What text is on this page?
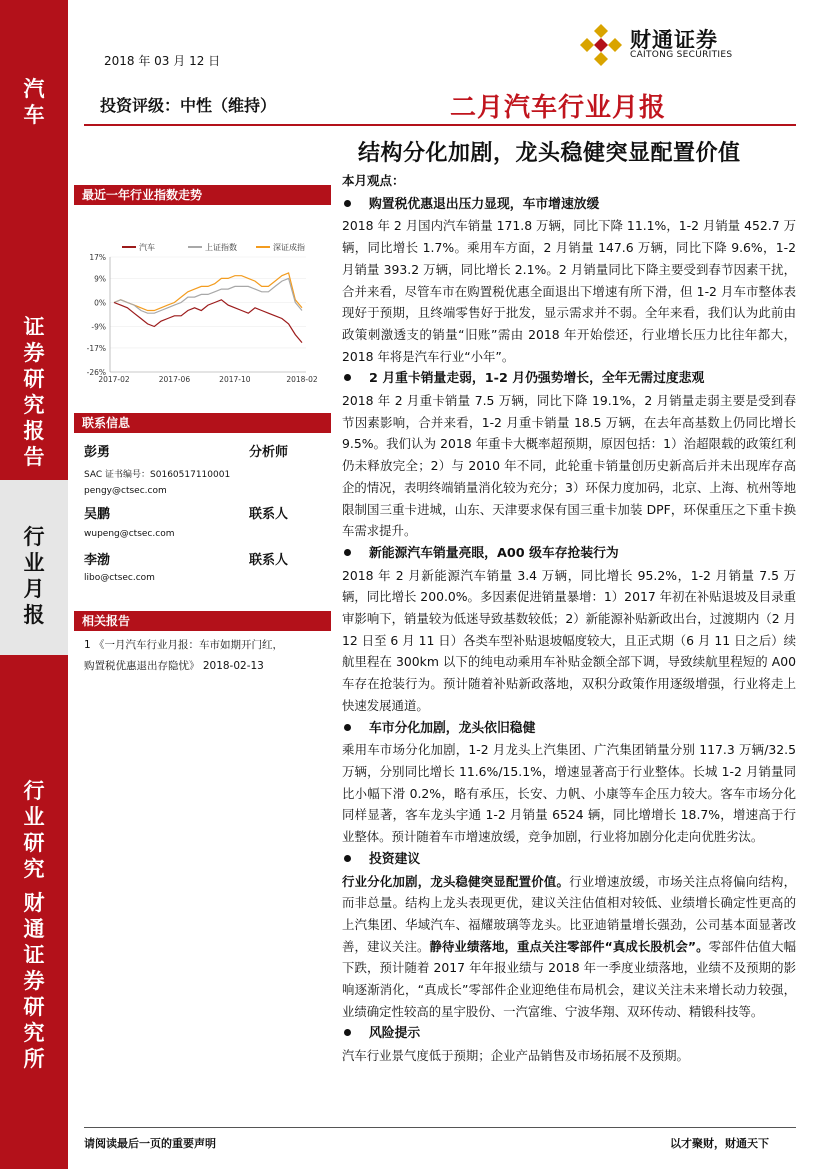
汽
车
证
券
研
究
报
告
行
业
月
报
行
业
研
究
财
通
证
券
研
究
所
2018 年 03 月 12 日
财通证券
CAITONG SECURITIES
投资评级：中性（维持）	二月汽车行业月报
结构分化加剧，龙头稳健突显配置价值
最近一年行业指数走势
汽车	上证指数	深证成指
17%
9%
0%
-9%
-17%
-26%
2017-02	2017-06	2017-10	2018-02
联系信息
彭勇	分析师
SAC 证书编号：S0160517110001
pengy@ctsec.com
吴鹏	联系人
wupeng@ctsec.com
李渤	联系人
libo@ctsec.com
相关报告
1 《一月汽车行业月报：车市如期开门红，
购置税优惠退出存隐忧》 2018-02-13
本月观点：
购置税优惠退出压力显现，车市增速放缓

2018 年 2 月国内汽车销量 171.8 万辆，同比下降 11.1%，1-2 月销量 452.7 万辆，同比增长 1.7%。乘用车方面，2 月销量 147.6 万辆，同比下降 9.6%，1-2 月销量 393.2 万辆，同比增长 2.1%。2 月销量同比下降主要受到春节因素干扰，合并来看，尽管车市在购置税优惠全面退出下增速有所下滑，但 1-2 月车市整体表现好于预期，且终端零售好于批发，显示需求并不弱。全年来看，我们认为此前由政策刺激透支的销量“旧账”需由 2018 年开始偿还，行业增长压力比往年都大，2018 年将是汽车行业“小年”。

2 月重卡销量走弱，1-2 月仍强势增长，全年无需过度悲观

2018 年 2 月重卡销量 7.5 万辆，同比下降 19.1%，2 月销量走弱主要是受到春节因素影响，合并来看，1-2 月重卡销量 18.5 万辆，在去年高基数上仍同比增长 9.5%。我们认为 2018 年重卡大概率超预期，原因包括：1）治超限载的政策红利仍未释放完全；2）与 2010 年不同，此轮重卡销量创历史新高后并未出现库存高企的情况，表明终端销量消化较为充分；3）环保力度加码，北京、上海、杭州等地限制国三重卡进城，山东、天津要求保有国三重卡加装 DPF，环保重压之下重卡换车需求提升。

新能源汽车销量亮眼，A00 级车存抢装行为

2018 年 2 月新能源汽车销量 3.4 万辆，同比增长 95.2%，1-2 月销量 7.5 万辆，同比增长 200.0%。多因素促进销量暴增：1）2017 年初在补贴退坡及目录重审影响下，销量较为低迷导致基数较低；2）新能源补贴新政出台，过渡期内（2 月 12 日至 6 月 11 日）各类车型补贴退坡幅度较大，且正式期（6 月 11 日之后）续航里程在 300km 以下的纯电动乘用车补贴金额全部下调，导致续航里程短的 A00 车存在抢装行为。预计随着补贴新政落地，双积分政策作用逐级增强，行业将走上快速发展通道。

车市分化加剧，龙头依旧稳健

乘用车市场分化加剧，1-2 月龙头上汽集团、广汽集团销量分别 117.3 万辆/32.5 万辆，分别同比增长 11.6%/15.1%，增速显著高于行业整体。长城 1-2 月销量同比小幅下滑 0.2%，略有承压，长安、力帆、小康等车企压力较大。客车市场分化同样显著，客车龙头宇通 1-2 月销量 6524 辆，同比增增长 18.7%，增速高于行业整体。预计随着车市增速放缓，竞争加剧，行业将加剧分化走向优胜劣汰。

投资建议

行业分化加剧，龙头稳健突显配置价值。行业增速放缓，市场关注点将偏向结构，而非总量。结构上龙头表现更优，建议关注估值相对较低、业绩增长确定性更高的上汽集团、华域汽车、福耀玻璃等龙头。比亚迪销量增长强劲，公司基本面显著改善，建议关注。静待业绩落地，重点关注零部件“真成长股机会”。零部件估值大幅下跌，预计随着 2017 年年报业绩与 2018 年一季度业绩落地，业绩不及预期的影响逐渐消化，“真成长”零部件企业迎绝佳布局机会，建议关注未来增长动力较强，业绩确定性较高的星宇股份、一汽富维、宁波华翔、双环传动、精锻科技等。

风险提示

汽车行业景气度低于预期；企业产品销售及市场拓展不及预期。

请阅读最后一页的重要声明	以才聚财，财通天下
